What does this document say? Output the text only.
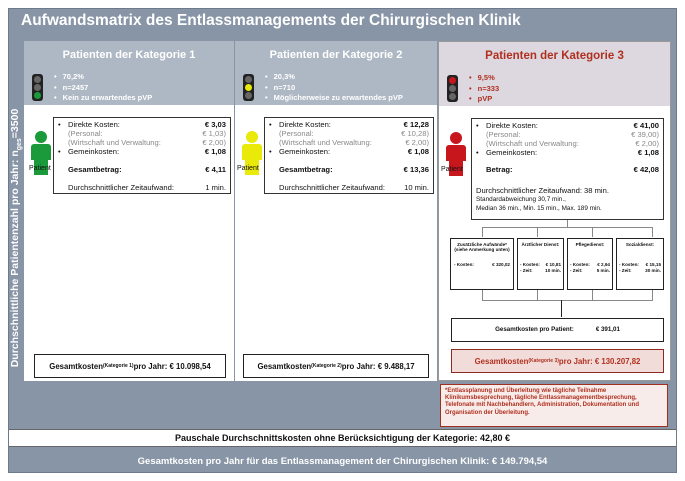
Aufwandsmatrix des Entlassmanagements der Chirurgischen Klinik
Durchschnittliche Patientenzahl pro Jahr: $n_{ges}=3500$
Patienten der Kategorie 1
• 70,2%
• n=2457
• Kein zu erwartendes pVP
Patient
• Direkte Kosten:	€ 3,03
(Personal:	€ 1,03)
(Wirtschaft und Verwaltung:	€ 2,00)
• Gemeinkosten:	€ 1,08
Gesamtbetrag:	€ 4,11
Durchschnittlicher Zeitaufwand:	1 min.
Gesamtkosten (Kategorie 1) pro Jahr: € 10.098,54
Patienten der Kategorie 2
• 20,3%
• n=710
• Möglicherweise zu erwartendes pVP
Patient
• Direkte Kosten:	€ 12,28
(Personal:	€ 10,28)
(Wirtschaft und Verwaltung:	€ 2,00)
• Gemeinkosten:	€ 1,08
Gesamtbetrag:	€ 13,36
Durchschnittlicher Zeitaufwand:	10 min.
Gesamtkosten (Kategorie 2) pro Jahr: € 9.488,17
Patienten der Kategorie 3
• 9,5%
• n=333
• pVP
Patient
• Direkte Kosten:	€ 41,00
(Personal:	€ 39,00)
(Wirtschaft und Verwaltung:	€ 2,00)
• Gemeinkosten:	€ 1,08
Betrag:	€ 42,08
Durchschnittlicher Zeitaufwand: 38 min.
Standardabweichung 30,7 min.,
Median 36 min., Min. 15 min., Max. 189 min.
Zusätzliche Aufwände* (siehe Anmerkung unten)
- Kosten:	€ 320,02
Ärztlicher Dienst:
- Kosten: € 10,81
- Zeit:	10 min.
Pflegedienst:
- Kosten: € 2,94
- Zeit:	5 min.
Sozialdienst:
- Kosten: € 15,15
- Zeit:	30 min.
Gesamtkosten pro Patient:	€ 391,01
Gesamtkosten (Kategorie 3) pro Jahr: € 130.207,82
*Entlassplanung und Überleitung wie tägliche Teilnahme Klinikumsbesprechung, tägliche Entlassmanagementbesprechung, Telefonate mit Nachbehandlern, Administration, Dokumentation und Organisation der Überleitung.
Pauschale Durchschnittskosten ohne Berücksichtigung der Kategorie: 42,80 €
Gesamtkosten pro Jahr für das Entlassmanagement der Chirurgischen Klinik: € 149.794,54
